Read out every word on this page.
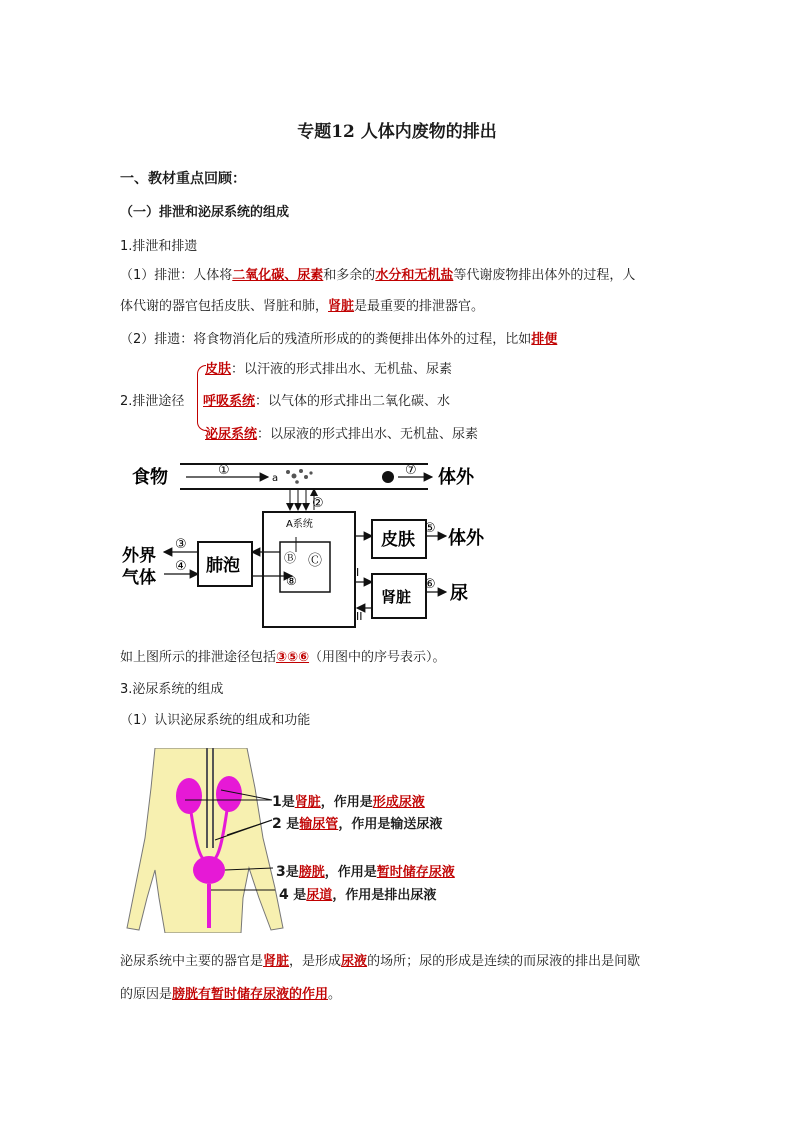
专题12 人体内废物的排出
一、教材重点回顾：
（一）排泄和泌尿系统的组成
1.排泄和排遗
（1）排泄：人体将二氧化碳、尿素和多余的水分和无机盐等代谢废物排出体外的过程，人
体代谢的器官包括皮肤、肾脏和肺，肾脏是最重要的排泄器官。
（2）排遗：将食物消化后的残渣所形成的的粪便排出体外的过程，比如排便
2.排泄途径
皮肤：以汗液的形式排出水、无机盐、尿素
呼吸系统：以气体的形式排出二氧化碳、水
泌尿系统：以尿液的形式排出水、无机盐、尿素
食物	体外
①
a
⑦
②
A系统
Ⓑ Ⓒ
⑧
外界
气体
③
④ 肺泡
皮肤
⑤ 体外
I
II
肾脏
⑥ 尿
如上图所示的排泄途径包括③⑤⑥（用图中的序号表示）。
3.泌尿系统的组成
（1）认识泌尿系统的组成和功能
1是肾脏，作用是形成尿液
2 是输尿管，作用是输送尿液
3是膀胱，作用是暂时储存尿液
4 是尿道，作用是排出尿液
泌尿系统中主要的器官是肾脏，是形成尿液的场所；尿的形成是连续的而尿液的排出是间歇
的原因是膀胱有暂时储存尿液的作用。
